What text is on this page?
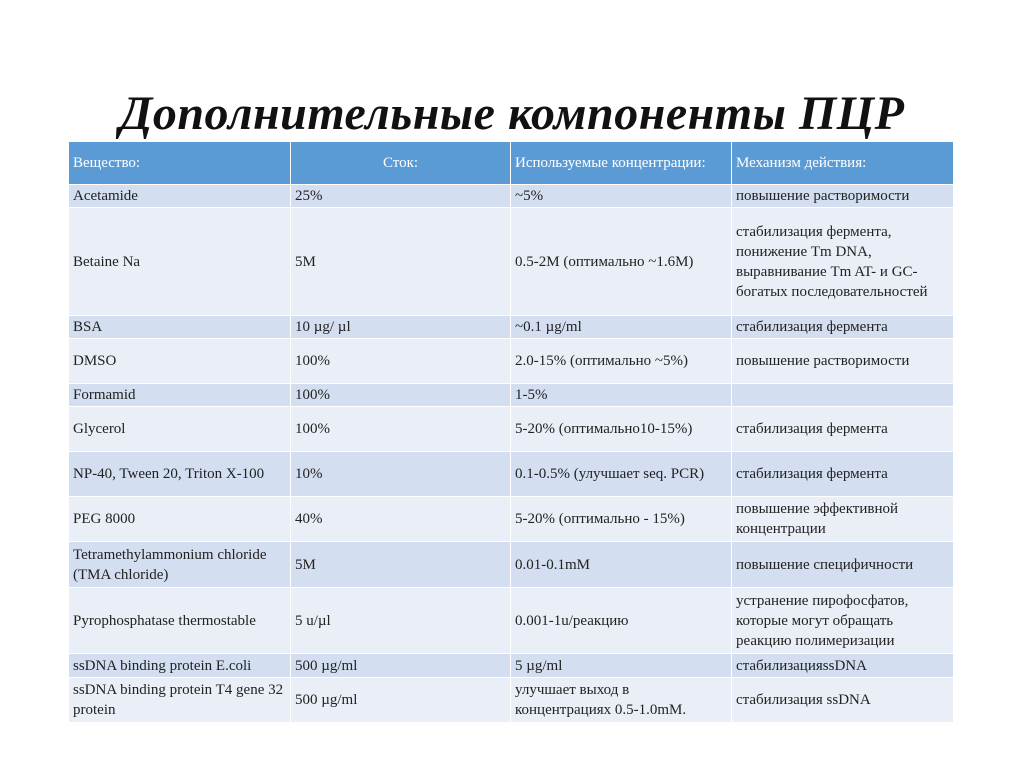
Дополнительные компоненты ПЦР
Вещество:	Сток:	Используемые концентрации:	Механизм действия:
Acetamide	25%	~5%	повышение растворимости
Betaine Na	5M	0.5-2M (оптимально ~1.6M)	стабилизация фермента, понижение Tm DNA, выравнивание Tm AT- и GC-богатых последовательностей
BSA	10 µg/ µl	~0.1 µg/ml	стабилизация фермента
DMSO	100%	2.0-15% (оптимально ~5%)	повышение растворимости
Formamid	100%	1-5%	
Glycerol	100%	5-20% (оптимально10-15%)	стабилизация фермента
NP-40, Tween 20, Triton X-100	10%	0.1-0.5% (улучшает seq. PCR)	стабилизация фермента
PEG 8000	40%	5-20% (оптимально - 15%)	повышение эффективной концентрации
Tetramethylammonium chloride (TMA chloride)	5M	0.01-0.1mM	повышение специфичности
Pyrophosphatase thermostable	5 u/µl	0.001-1u/реакцию	устранение пирофосфатов, которые могут обращать реакцию полимеризации
ssDNA binding protein E.coli	500 µg/ml	5 µg/ml	стабилизацияssDNA
ssDNA binding protein T4 gene 32 protein	500 µg/ml	улучшает выход в концентрациях 0.5-1.0mM.	стабилизация ssDNA
